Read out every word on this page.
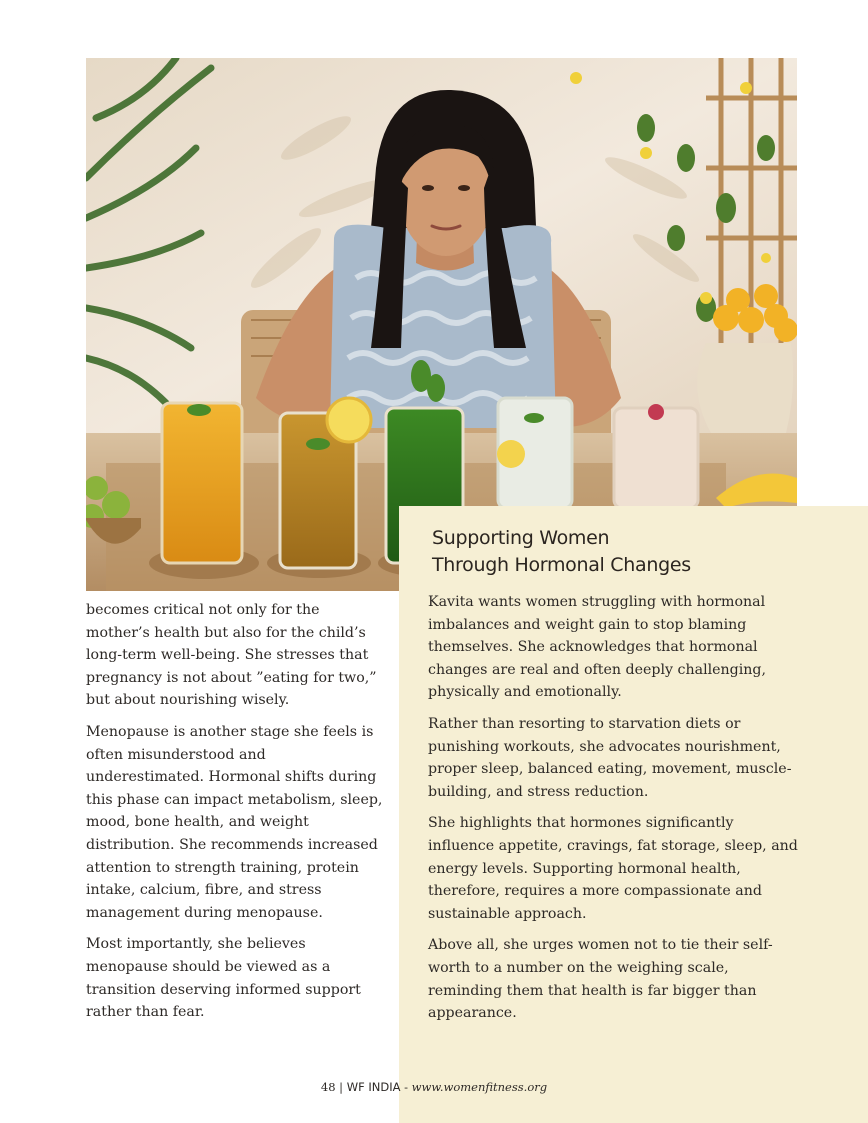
Supporting Women
Through Hormonal Changes

Kavita wants women struggling with hormonal imbalances and weight gain to stop blaming themselves. She acknowledges that hormonal changes are real and often deeply challenging, physically and emotionally.

Rather than resorting to starvation diets or punishing workouts, she advocates nourishment, proper sleep, balanced eating, movement, muscle-building, and stress reduction.

She highlights that hormones significantly influence appetite, cravings, fat storage, sleep, and energy levels. Supporting hormonal health, therefore, requires a more compassionate and sustainable approach.

Above all, she urges women not to tie their self-worth to a number on the weighing scale, reminding them that health is far bigger than appearance.

becomes critical not only for the mother’s health but also for the child’s long-term well-being. She stresses that pregnancy is not about ”eating for two,” but about nourishing wisely.

Menopause is another stage she feels is often misunderstood and underestimated. Hormonal shifts during this phase can impact metabolism, sleep, mood, bone health, and weight distribution. She recommends increased attention to strength training, protein intake, calcium, fibre, and stress management during menopause.

Most importantly, she believes menopause should be viewed as a transition deserving informed support rather than fear.

48 | WF INDIA - www.womenfitness.org
